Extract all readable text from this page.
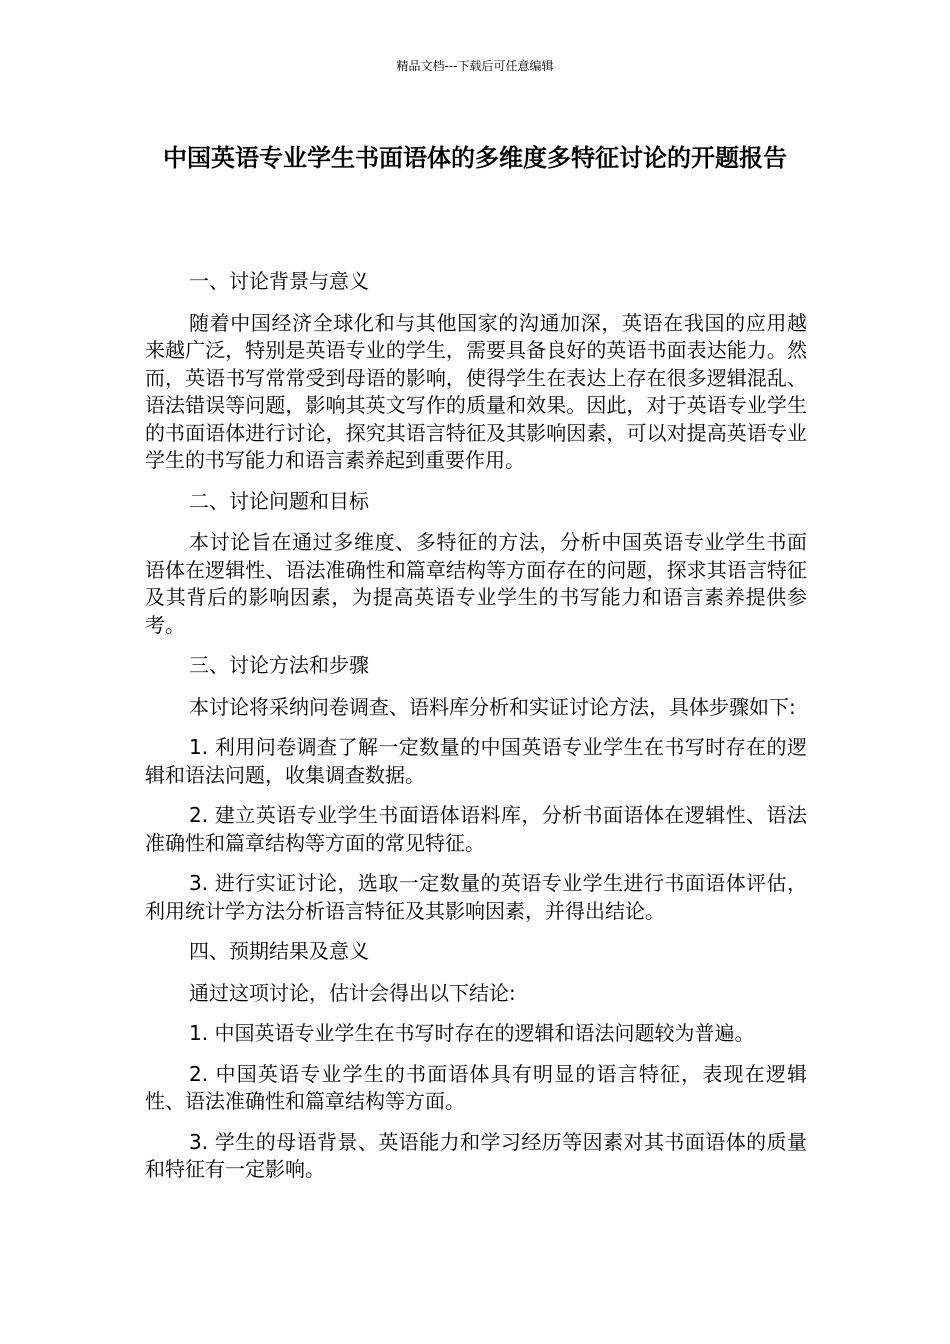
精品文档---下载后可任意编辑
中国英语专业学生书面语体的多维度多特征讨论的开题报告

一、讨论背景与意义

随着中国经济全球化和与其他国家的沟通加深，英语在我国的应用越来越广泛，特别是英语专业的学生，需要具备良好的英语书面表达能力。然而，英语书写常常受到母语的影响，使得学生在表达上存在很多逻辑混乱、语法错误等问题，影响其英文写作的质量和效果。因此，对于英语专业学生的书面语体进行讨论，探究其语言特征及其影响因素，可以对提高英语专业学生的书写能力和语言素养起到重要作用。

二、讨论问题和目标

本讨论旨在通过多维度、多特征的方法，分析中国英语专业学生书面语体在逻辑性、语法准确性和篇章结构等方面存在的问题，探求其语言特征及其背后的影响因素，为提高英语专业学生的书写能力和语言素养提供参考。

三、讨论方法和步骤

本讨论将采纳问卷调查、语料库分析和实证讨论方法，具体步骤如下:

1. 利用问卷调查了解一定数量的中国英语专业学生在书写时存在的逻辑和语法问题，收集调查数据。

2. 建立英语专业学生书面语体语料库，分析书面语体在逻辑性、语法准确性和篇章结构等方面的常见特征。

3. 进行实证讨论，选取一定数量的英语专业学生进行书面语体评估，利用统计学方法分析语言特征及其影响因素，并得出结论。

四、预期结果及意义

通过这项讨论，估计会得出以下结论:

1. 中国英语专业学生在书写时存在的逻辑和语法问题较为普遍。

2. 中国英语专业学生的书面语体具有明显的语言特征，表现在逻辑性、语法准确性和篇章结构等方面。

3. 学生的母语背景、英语能力和学习经历等因素对其书面语体的质量和特征有一定影响。
